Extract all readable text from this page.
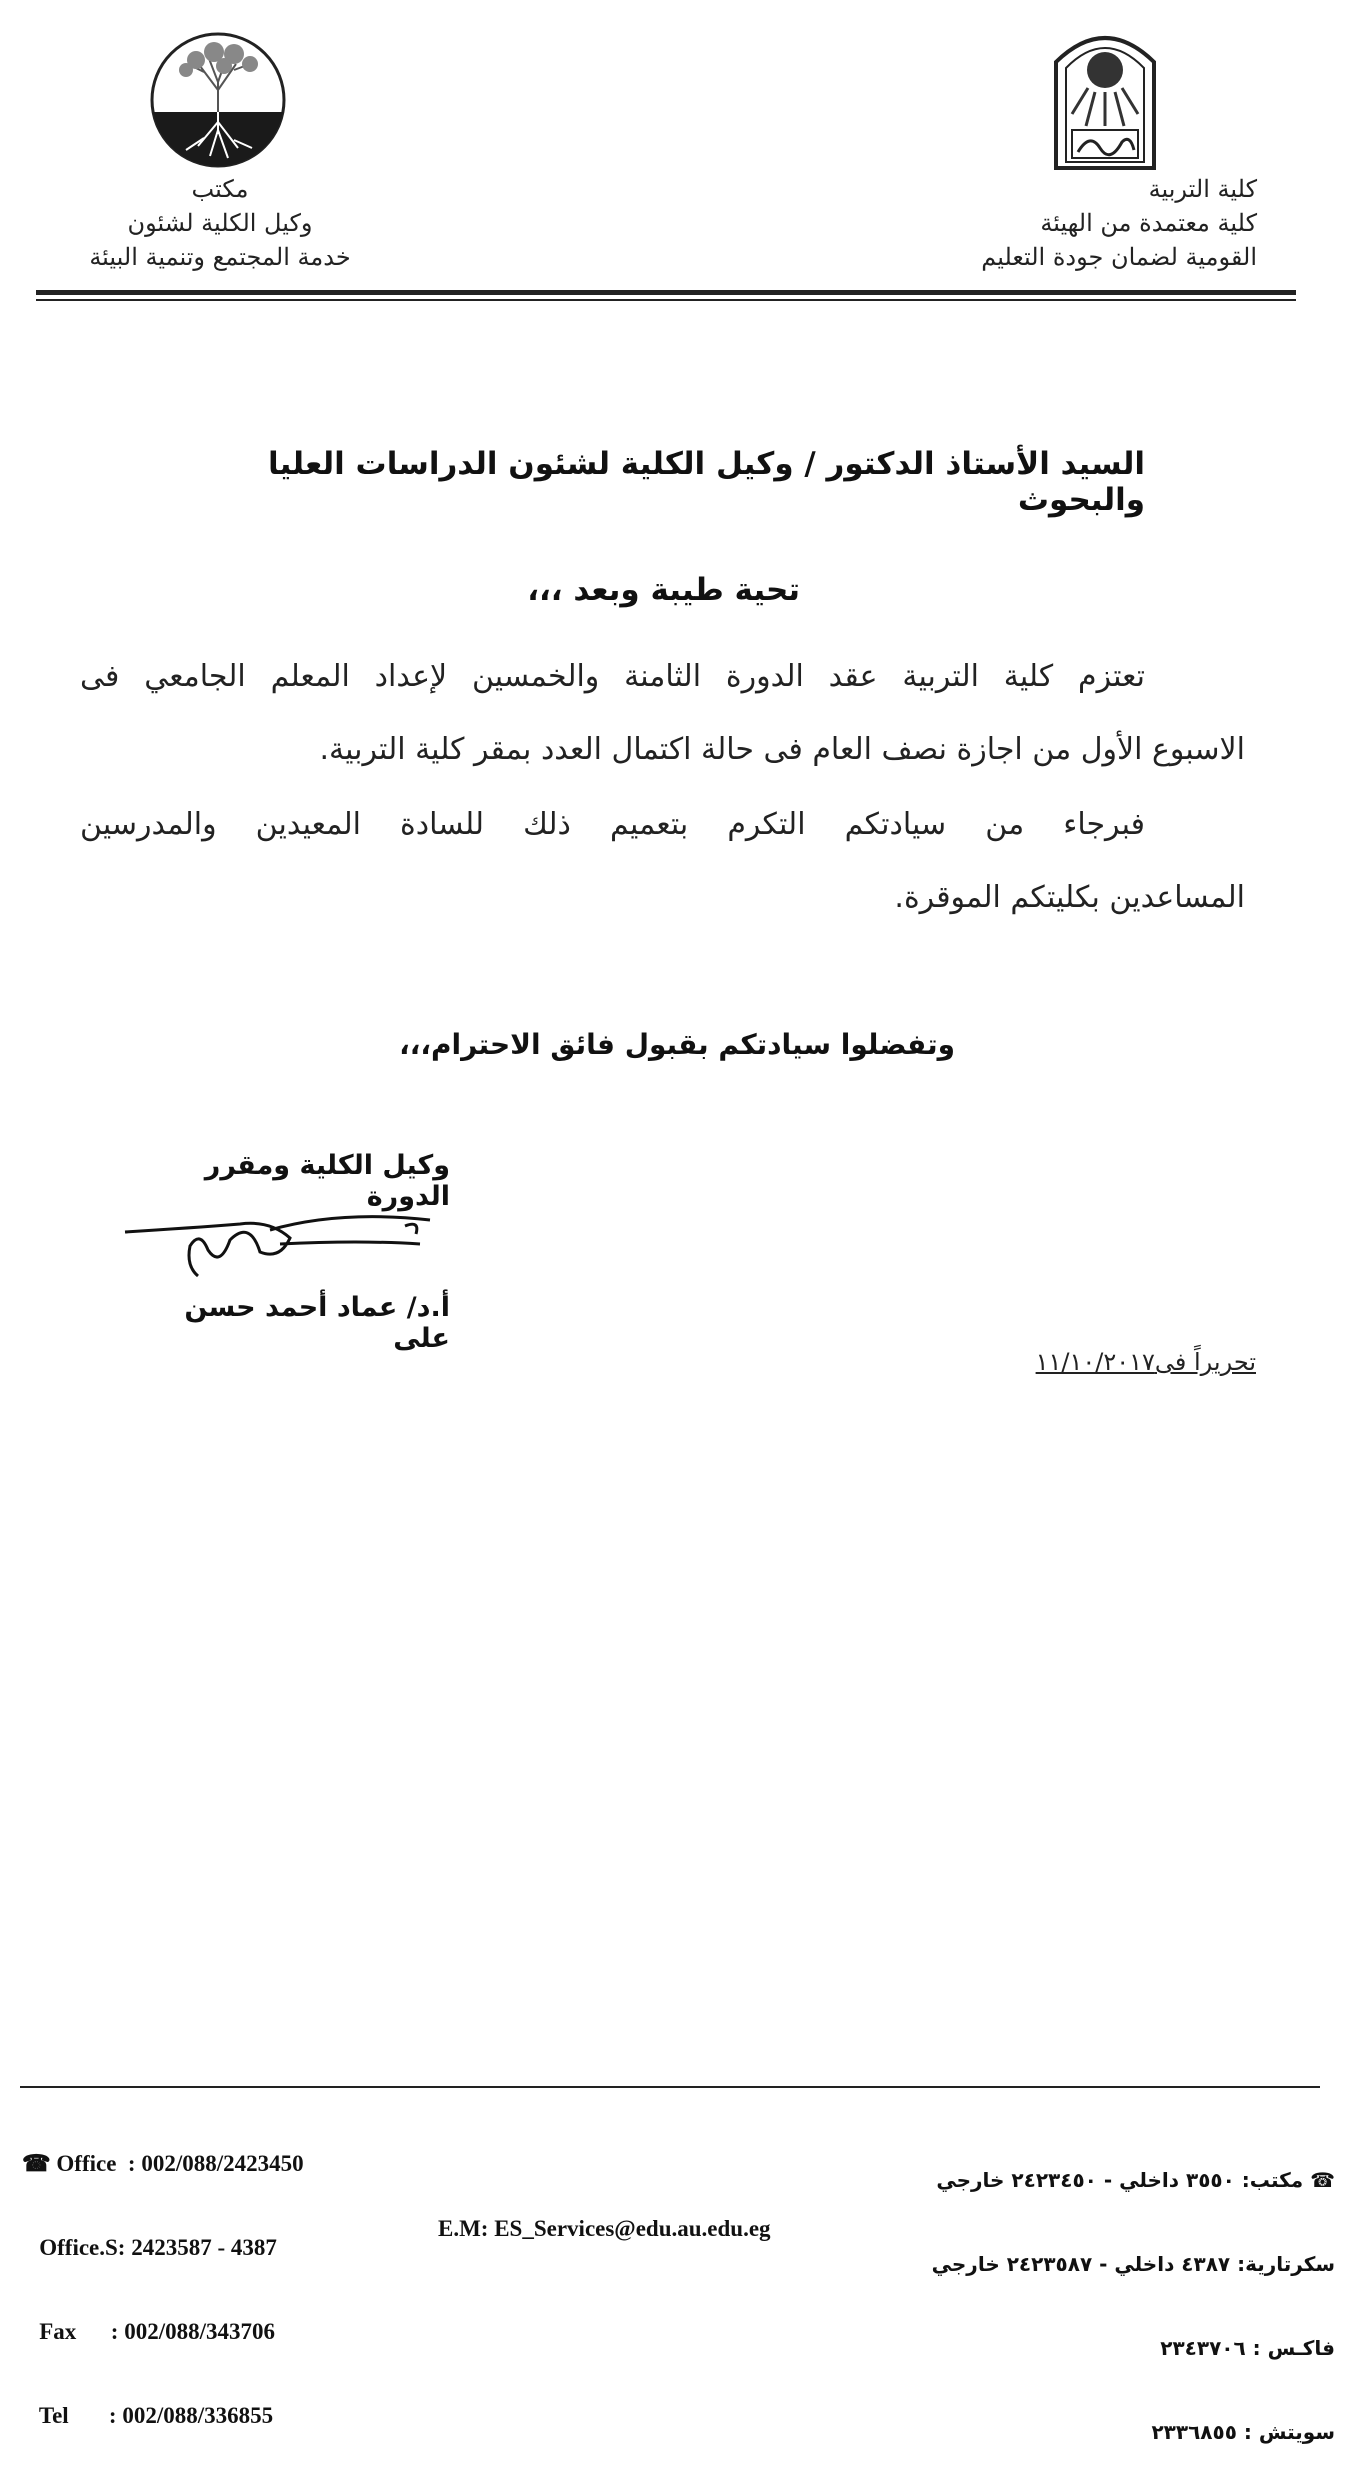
كلية التربية
كلية معتمدة من الهيئة
القومية لضمان جودة التعليم
مكتب
وكيل الكلية لشئون
خدمة المجتمع وتنمية البيئة
السيد الأستاذ الدكتور / وكيل الكلية لشئون الدراسات العليا والبحوث
تحية طيبة وبعد ،،،
تعتزم كلية التربية عقد الدورة الثامنة والخمسين لإعداد المعلم الجامعي فى
الاسبوع الأول من اجازة نصف العام فى حالة اكتمال العدد بمقر كلية التربية.
فبرجاء من سيادتكم التكرم بتعميم ذلك للسادة المعيدين والمدرسين
المساعدين بكليتكم الموقرة.
وتفضلوا سيادتكم بقبول فائق الاحترام،،،
وكيل الكلية ومقرر الدورة
أ.د/ عماد أحمد حسن على
تحريراً فى١١/١٠/٢٠١٧

☎ Office  : 002/088/2423450

Office.S: 2423587 - 4387

Fax      : 002/088/343706

Tel       : 002/088/336855

E.M: ES_Services@edu.au.edu.eg

☎ مكتب: ٣٥٥٠ داخلي - ٢٤٢٣٤٥٠ خارجي

سكرتارية: ٤٣٨٧ داخلي - ٢٤٢٣٥٨٧ خارجي

فاكـس : ٢٣٤٣٧٠٦

سويتش : ٢٣٣٦٨٥٥
